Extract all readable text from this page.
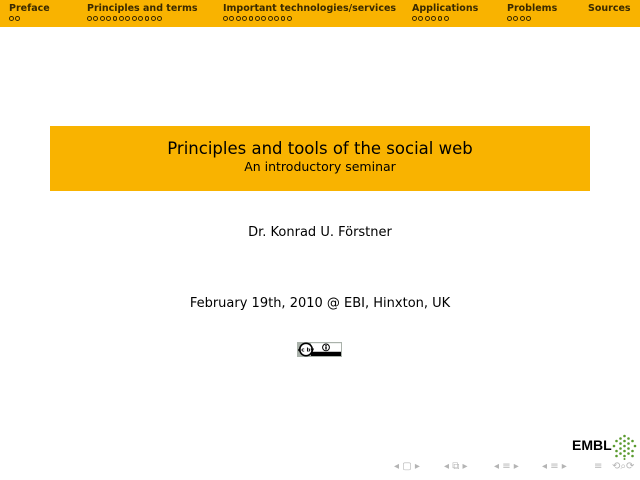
Preface	Principles and terms	Important technologies/services Applications	Problems	Sources
Principles and tools of the social web
An introductory seminar
Dr. Konrad U. Förstner
February 19th, 2010 @ EBI, Hinxton, UK
cc by
EMBL
◂ ▢ ▸ ◂ ⧉ ▸	◂ ≡ ▸ ◂ ≡ ▸	≡ ⟲⌕⟳
